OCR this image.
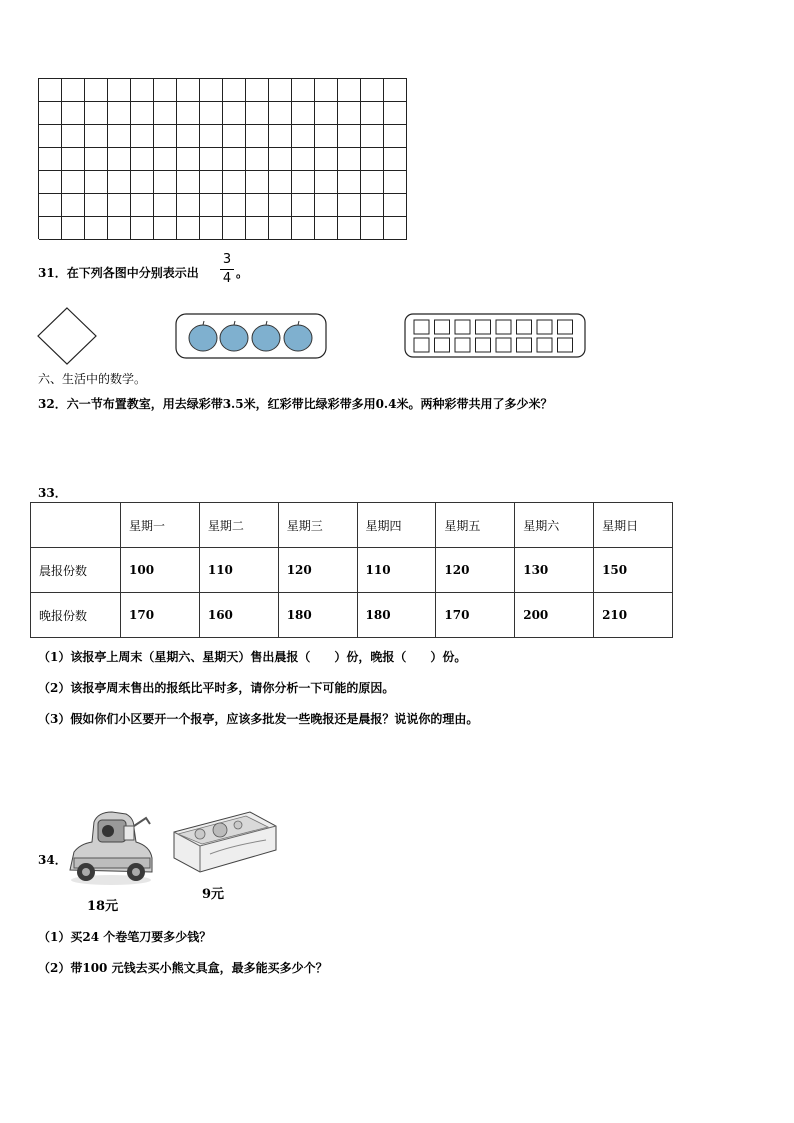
31．在下列各图中分别表示出
3
4 。
六、生活中的数学。
32．六一节布置教室，用去绿彩带3.5米，红彩带比绿彩带多用0.4米。两种彩带共用了多少米？
33．
	星期一	星期二	星期三	星期四	星期五	星期六	星期日
晨报份数	100	110	120	110	120	130	150
晚报份数	170	160	180	180	170	200	210
（1）该报亭上周末（星期六、星期天）售出晨报（　　）份，晚报（　　）份。
（2）该报亭周末售出的报纸比平时多，请你分析一下可能的原因。
（3）假如你们小区要开一个报亭，应该多批发一些晚报还是晨报？说说你的理由。
34．
18元
9元
（1）买24 个卷笔刀要多少钱？
（2）带100 元钱去买小熊文具盒，最多能买多少个？
